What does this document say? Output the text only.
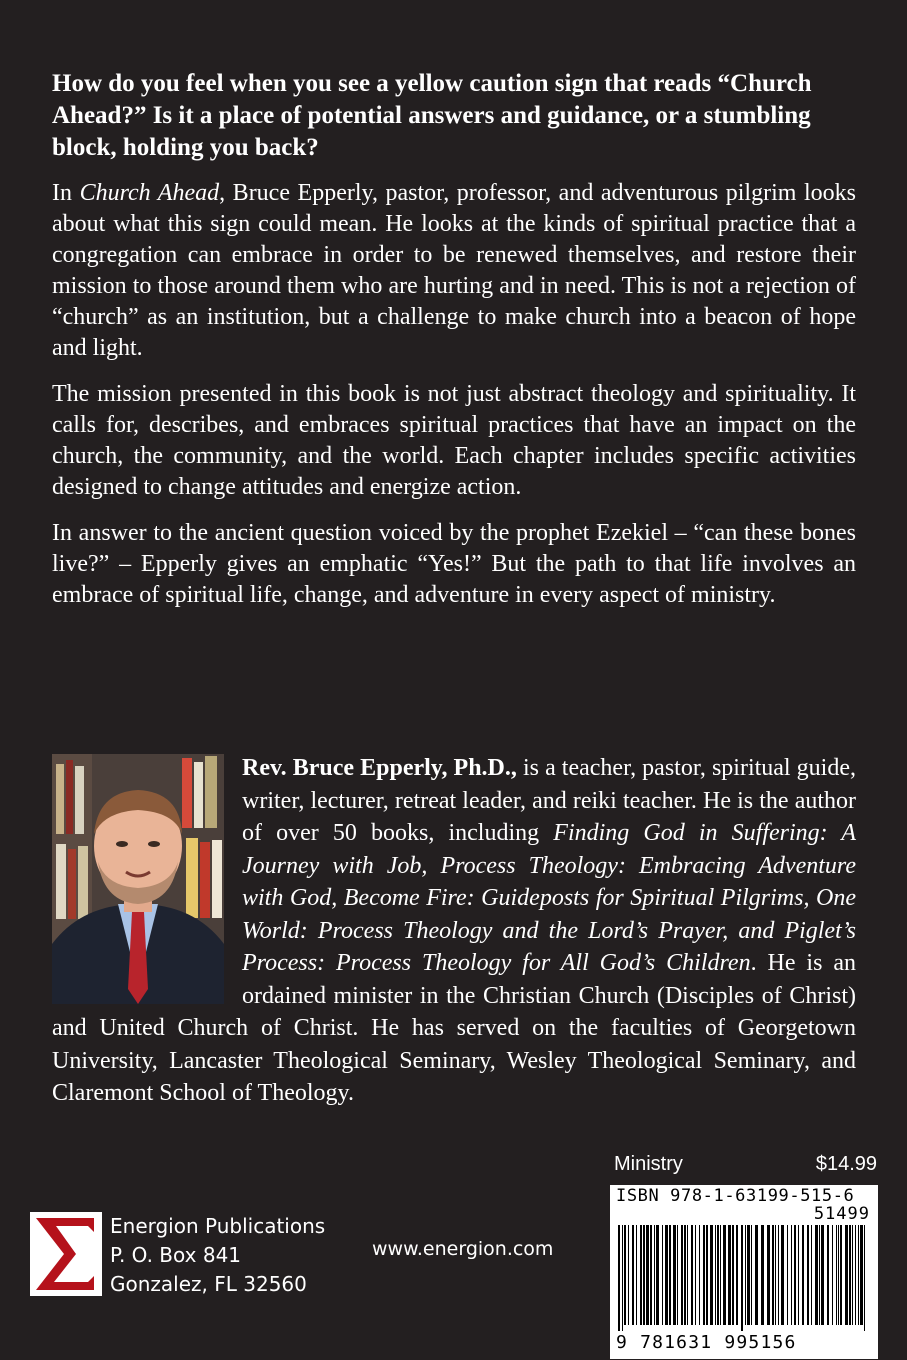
How do you feel when you see a yellow caution sign that reads “Church Ahead?” Is it a place of potential answers and guidance, or a stumbling block, holding you back?

In Church Ahead, Bruce Epperly, pastor, professor, and adventurous pilgrim looks about what this sign could mean. He looks at the kinds of spiritual practice that a congregation can embrace in order to be renewed themselves, and restore their mission to those around them who are hurting and in need. This is not a rejection of “church” as an institution, but a challenge to make church into a beacon of hope and light.

The mission presented in this book is not just abstract theology and spirituality. It calls for, describes, and embraces spiritual practices that have an impact on the church, the community, and the world. Each chapter includes specific activities designed to change attitudes and energize action.

In answer to the ancient question voiced by the prophet Ezekiel – “can these bones live?” – Epperly gives an emphatic “Yes!” But the path to that life involves an embrace of spiritual life, change, and adventure in every aspect of ministry.

Rev. Bruce Epperly, Ph.D., is a teacher, pastor, spiritual guide, writer, lecturer, retreat leader, and reiki teacher. He is the author of over 50 books, including Finding God in Suffering: A Journey with Job, Process Theology: Embracing Adventure with God, Become Fire: Guideposts for Spiritual Pilgrims, One World: Process Theology and the Lord’s Prayer, and Piglet’s Process: Process Theology for All God’s Children. He is an ordained minister in the Christian Church (Disciples of Christ) and United Church of Christ. He has served on the faculties of Georgetown University, Lancaster Theological Seminary, Wesley Theological Seminary, and Claremont School of Theology.

Energion Publications
P. O. Box 841
Gonzalez, FL 32560
www.energion.com
Ministry	$14.99
ISBN 978-1-63199-515-6
51499
9 781631 995156
